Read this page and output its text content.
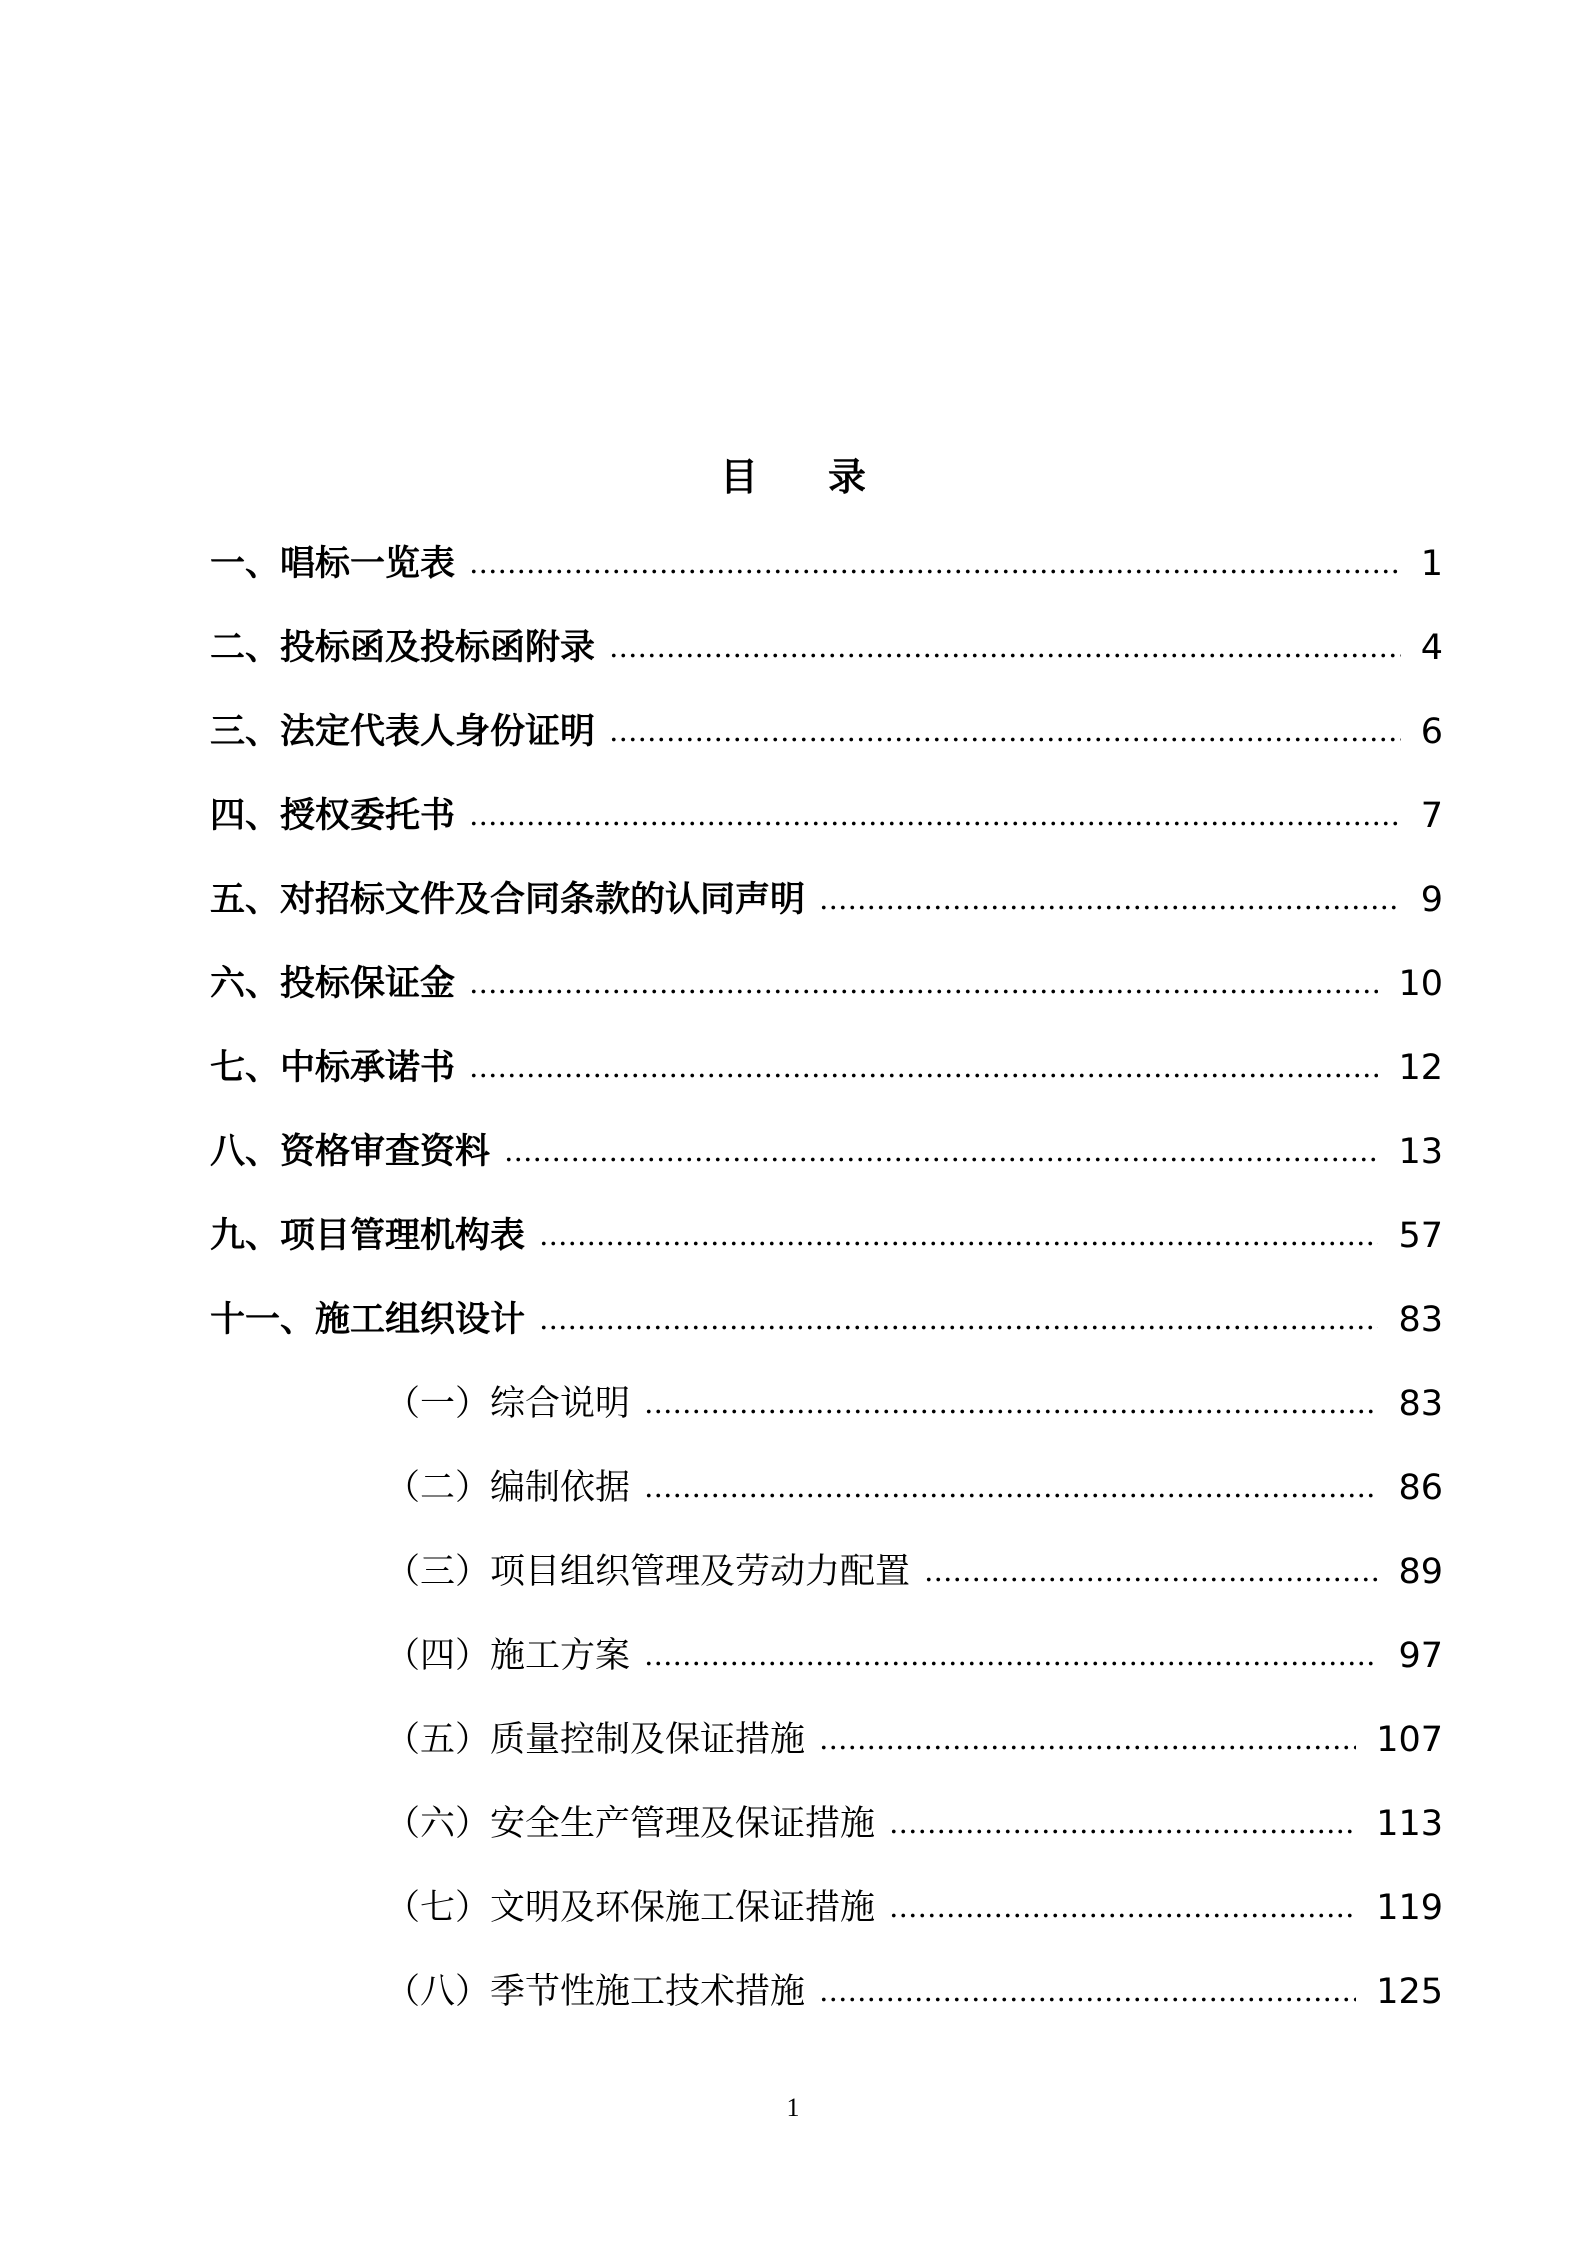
目录
一、唱标一览表	1
二、投标函及投标函附录	4
三、法定代表人身份证明	6
四、授权委托书	7
五、对招标文件及合同条款的认同声明	9
六、投标保证金	10
七、中标承诺书	12
八、资格审查资料	13
九、项目管理机构表	57
十一、施工组织设计	83
（一）综合说明	83
（二）编制依据	86
（三）项目组织管理及劳动力配置	89
（四）施工方案	97
（五）质量控制及保证措施	107
（六）安全生产管理及保证措施	113
（七）文明及环保施工保证措施	119
（八）季节性施工技术措施	125
1
